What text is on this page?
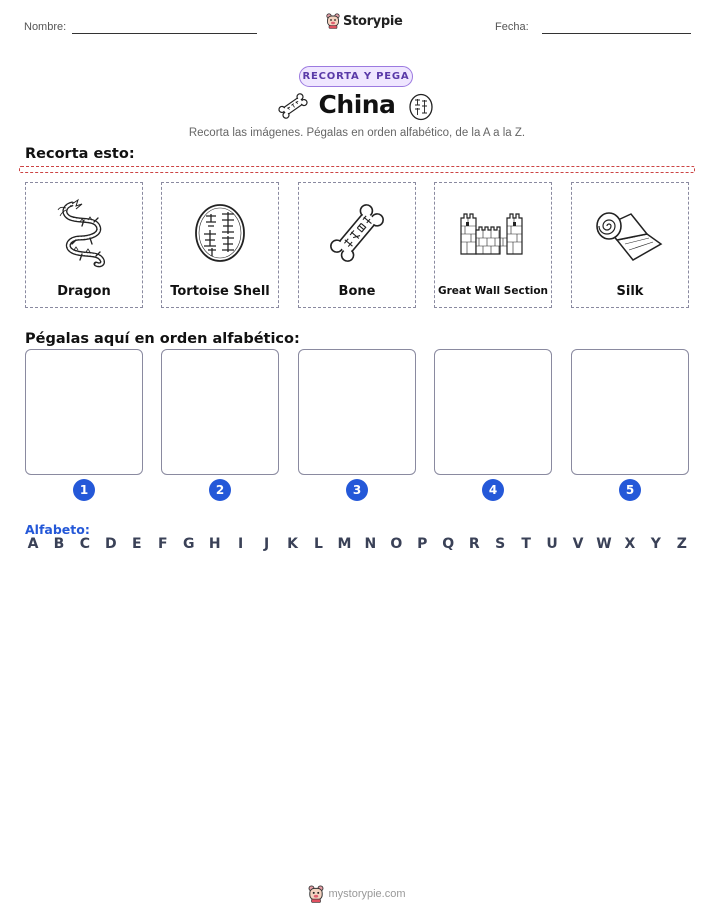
Nombre:	Storypie	Fecha:
RECORTA Y PEGA
China
Recorta las imágenes. Pégalas en orden alfabético, de la A a la Z.
Recorta esto:
Dragon	Tortoise Shell	Bone	Great Wall Section	Silk
Pégalas aquí en orden alfabético:
1	2	3	4	5
Alfabeto:
A B C D E F G H	I	J	K L M N O P Q R S T U V W X Y Z
mystorypie.com
